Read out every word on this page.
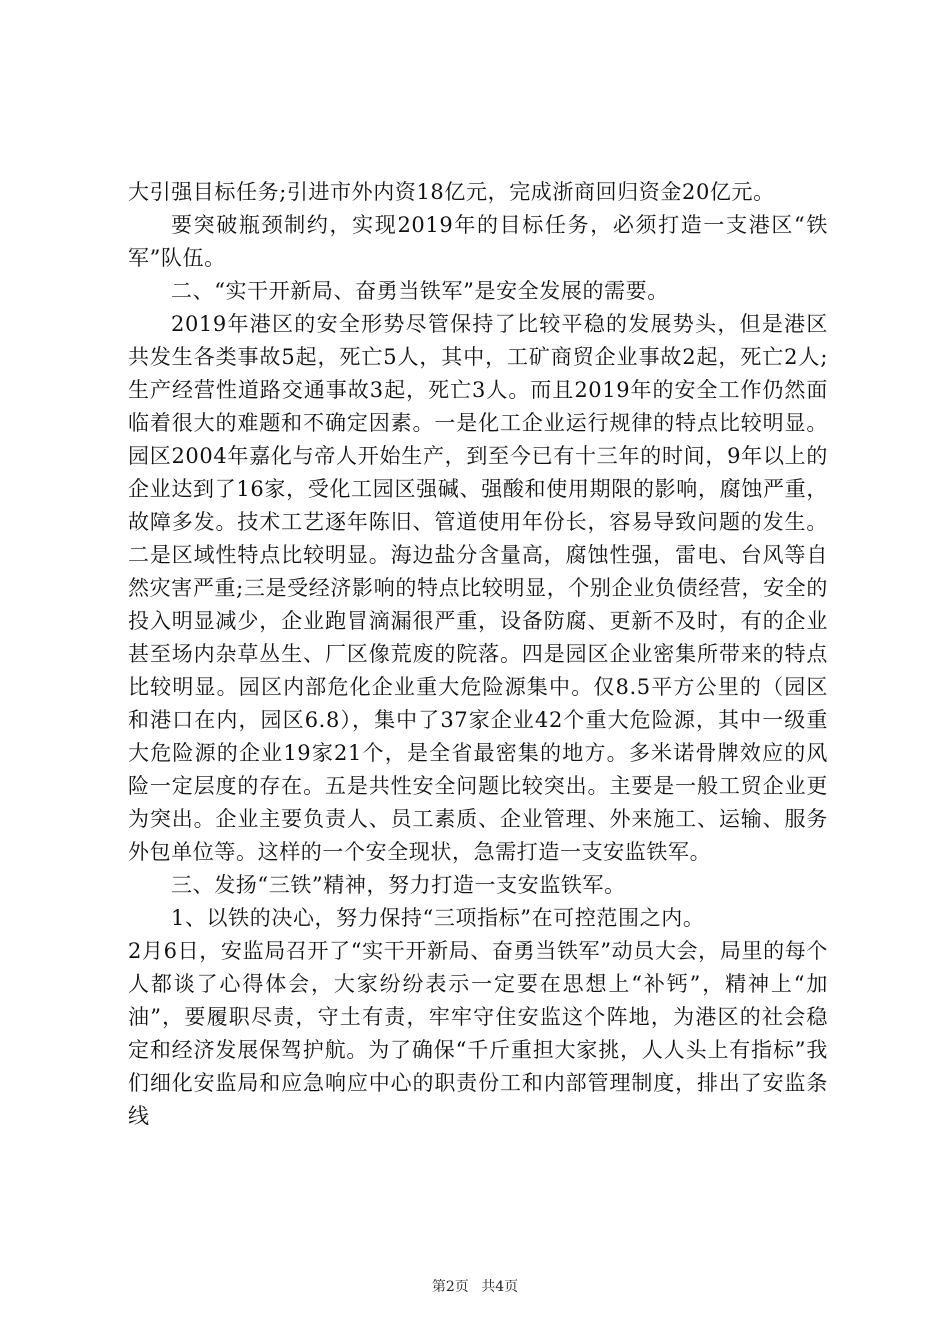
大引强目标任务;引进市外内资18亿元，完成浙商回归资金20亿元。

要突破瓶颈制约，实现2019年的目标任务，必须打造一支港区“铁军”队伍。

二、“实干开新局、奋勇当铁军”是安全发展的需要。

2019年港区的安全形势尽管保持了比较平稳的发展势头，但是港区共发生各类事故5起，死亡5人，其中，工矿商贸企业事故2起，死亡2人;生产经营性道路交通事故3起，死亡3人。而且2019年的安全工作仍然面临着很大的难题和不确定因素。一是化工企业运行规律的特点比较明显。园区2004年嘉化与帝人开始生产，到至今已有十三年的时间，9年以上的企业达到了16家，受化工园区强碱、强酸和使用期限的影响，腐蚀严重，故障多发。技术工艺逐年陈旧、管道使用年份长，容易导致问题的发生。二是区域性特点比较明显。海边盐分含量高，腐蚀性强，雷电、台风等自然灾害严重;三是受经济影响的特点比较明显，个别企业负债经营，安全的投入明显减少，企业跑冒滴漏很严重，设备防腐、更新不及时，有的企业甚至场内杂草丛生、厂区像荒废的院落。四是园区企业密集所带来的特点比较明显。园区内部危化企业重大危险源集中。仅8.5平方公里的（园区和港口在内，园区6.8），集中了37家企业42个重大危险源，其中一级重大危险源的企业19家21个，是全省最密集的地方。多米诺骨牌效应的风险一定层度的存在。五是共性安全问题比较突出。主要是一般工贸企业更为突出。企业主要负责人、员工素质、企业管理、外来施工、运输、服务外包单位等。这样的一个安全现状，急需打造一支安监铁军。

三、发扬“三铁”精神，努力打造一支安监铁军。

1、以铁的决心，努力保持“三项指标”在可控范围之内。

2月6日，安监局召开了“实干开新局、奋勇当铁军”动员大会，局里的每个人都谈了心得体会，大家纷纷表示一定要在思想上“补钙”，精神上“加油”，要履职尽责，守土有责，牢牢守住安监这个阵地，为港区的社会稳定和经济发展保驾护航。为了确保“千斤重担大家挑，人人头上有指标”我们细化安监局和应急响应中心的职责份工和内部管理制度，排出了安监条线

第2页 共4页
